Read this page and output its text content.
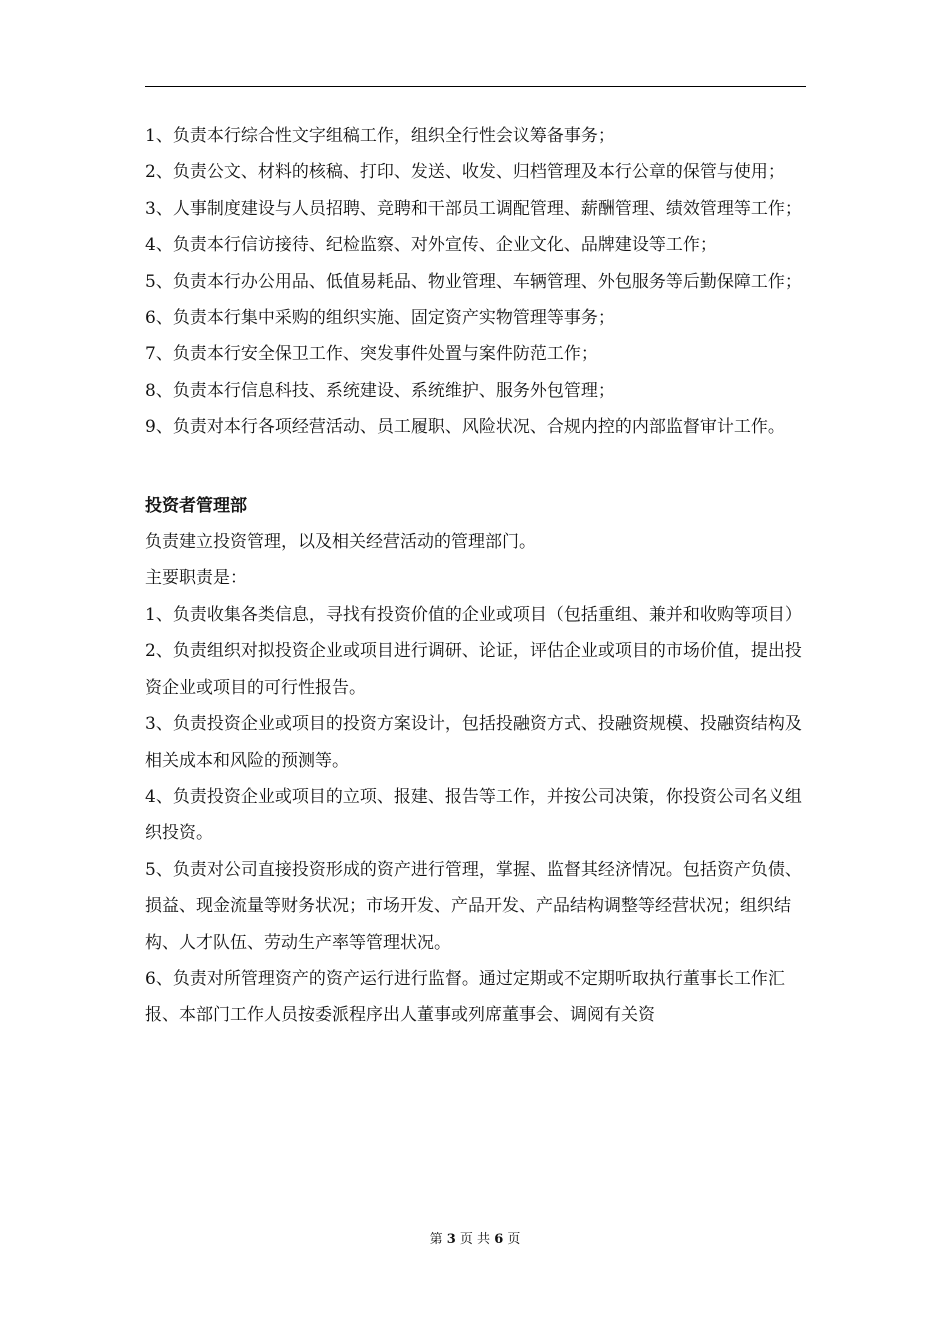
1、负责本行综合性文字组稿工作，组织全行性会议筹备事务；

2、负责公文、材料的核稿、打印、发送、收发、归档管理及本行公章的保管与使用；

3、人事制度建设与人员招聘、竞聘和干部员工调配管理、薪酬管理、绩效管理等工作；

4、负责本行信访接待、纪检监察、对外宣传、企业文化、品牌建设等工作；

5、负责本行办公用品、低值易耗品、物业管理、车辆管理、外包服务等后勤保障工作；

6、负责本行集中采购的组织实施、固定资产实物管理等事务；

7、负责本行安全保卫工作、突发事件处置与案件防范工作；

8、负责本行信息科技、系统建设、系统维护、服务外包管理；

9、负责对本行各项经营活动、员工履职、风险状况、合规内控的内部监督审计工作。

投资者管理部

负责建立投资管理，以及相关经营活动的管理部门。

主要职责是：

1、负责收集各类信息，寻找有投资价值的企业或项目（包括重组、兼并和收购等项目）

2、负责组织对拟投资企业或项目进行调研、论证，评估企业或项目的市场价值，提出投资企业或项目的可行性报告。

3、负责投资企业或项目的投资方案设计，包括投融资方式、投融资规模、投融资结构及相关成本和风险的预测等。

4、负责投资企业或项目的立项、报建、报告等工作，并按公司决策，你投资公司名义组织投资。

5、负责对公司直接投资形成的资产进行管理，掌握、监督其经济情况。包括资产负债、损益、现金流量等财务状况；市场开发、产品开发、产品结构调整等经营状况；组织结构、人才队伍、劳动生产率等管理状况。

6、负责对所管理资产的资产运行进行监督。通过定期或不定期听取执行董事长工作汇报、本部门工作人员按委派程序出人董事或列席董事会、调阅有关资

第 3 页 共 6 页
